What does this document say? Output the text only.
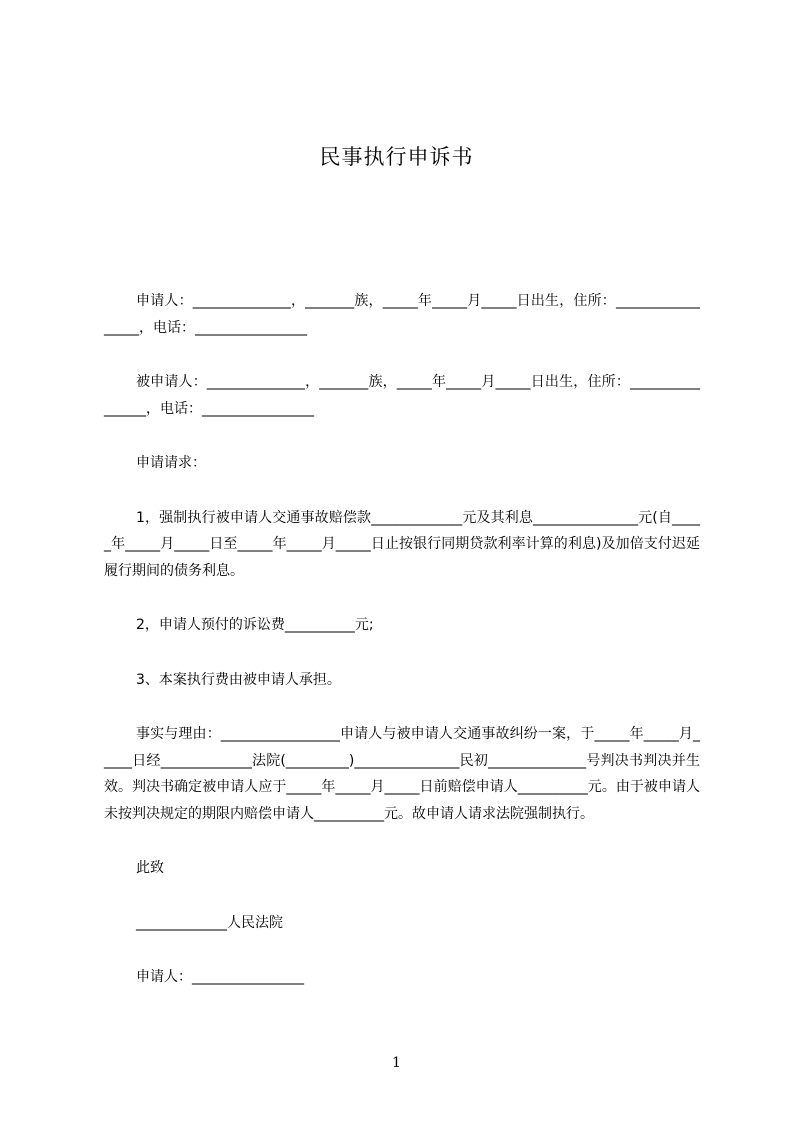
民事执行申诉书

申请人：______________，_______族，_____年_____月_____日出生，住所：_________________，电话：________________

被申请人：______________，_______族，_____年_____月_____日出生，住所：________________，电话：________________

申请请求：

1，强制执行被申请人交通事故赔偿款_____________元及其利息_______________元(自_____年_____月_____日至_____年_____月_____日止按银行同期贷款利率计算的利息)及加倍支付迟延履行期间的债务利息。

2，申请人预付的诉讼费__________元;

3、本案执行费由被申请人承担。

事实与理由：_________________申请人与被申请人交通事故纠纷一案，于_____年_____月_____日经_____________法院(_________)_______________民初______________号判决书判决并生效。判决书确定被申请人应于_____年_____月_____日前赔偿申请人__________元。由于被申请人未按判决规定的期限内赔偿申请人__________元。故申请人请求法院强制执行。

此致

_____________人民法院

申请人：________________

1
